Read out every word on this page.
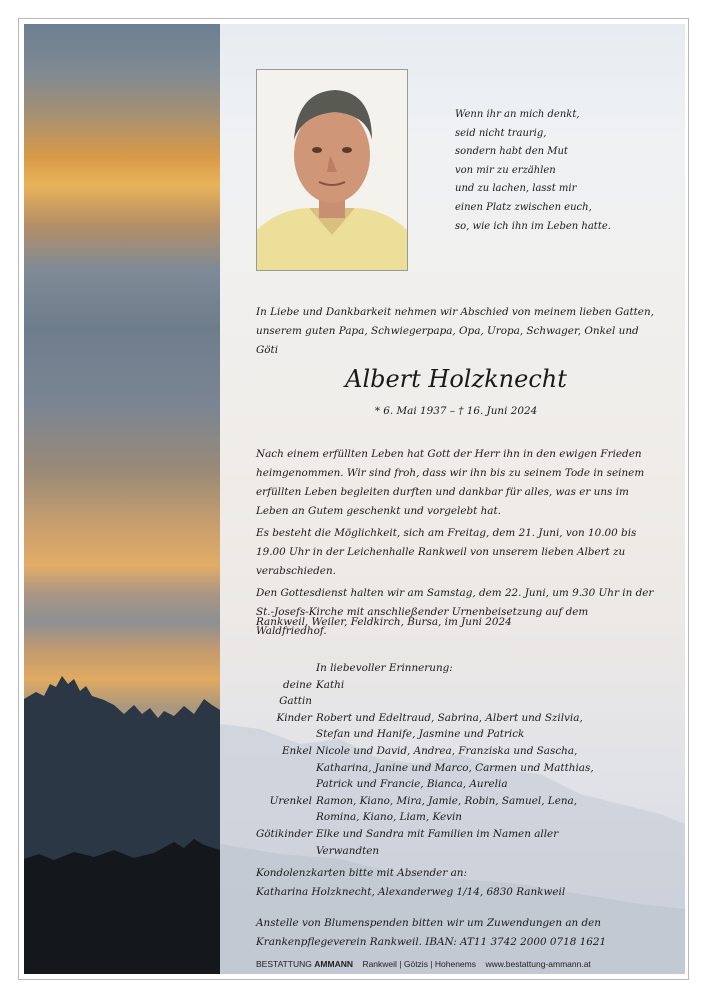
Wenn ihr an mich denkt,
seid nicht traurig,
sondern habt den Mut
von mir zu erzählen
und zu lachen, lasst mir
einen Platz zwischen euch,
so, wie ich ihn im Leben hatte.
In Liebe und Dankbarkeit nehmen wir Abschied von meinem lieben Gatten, unserem guten Papa, Schwiegerpapa, Opa, Uropa, Schwager, Onkel und Göti
Albert Holzknecht
* 6. Mai 1937 – † 16. Juni 2024

Nach einem erfüllten Leben hat Gott der Herr ihn in den ewigen Frieden heimgenommen. Wir sind froh, dass wir ihn bis zu seinem Tode in seinem erfüllten Leben begleiten durften und dankbar für alles, was er uns im Leben an Gutem geschenkt und vorgelebt hat.

Es besteht die Möglichkeit, sich am Freitag, dem 21. Juni, von 10.00 bis 19.00 Uhr in der Leichenhalle Rankweil von unserem lieben Albert zu verabschieden.

Den Gottesdienst halten wir am Samstag, dem 22. Juni, um 9.30 Uhr in der St.-Josefs-Kirche mit anschließender Urnenbeisetzung auf dem Waldfriedhof.

Rankweil, Weiler, Feldkirch, Bursa, im Juni 2024
In liebevoller Erinnerung:
deine Gattin
Kathi
Kinder Robert und Edeltraud, Sabrina, Albert und Szilvia, Stefan und Hanife, Jasmine und Patrick
Enkel Nicole und David, Andrea, Franziska und Sascha, Katharina, Janine und Marco, Carmen und Matthias, Patrick und Francie, Bianca, Aurelia
Urenkel Ramon, Kiano, Mira, Jamie, Robin, Samuel, Lena, Romina, Kiano, Liam, Kevin
Götikinder Elke und Sandra mit Familien im Namen aller Verwandten
Kondolenzkarten bitte mit Absender an:
Katharina Holzknecht, Alexanderweg 1/14, 6830 Rankweil
Anstelle von Blumenspenden bitten wir um Zuwendungen an den Krankenpflegeverein Rankweil. IBAN: AT11 3742 2000 0718 1621
BESTATTUNG AMMANN Rankweil | Götzis | Hohenems www.bestattung-ammann.at
